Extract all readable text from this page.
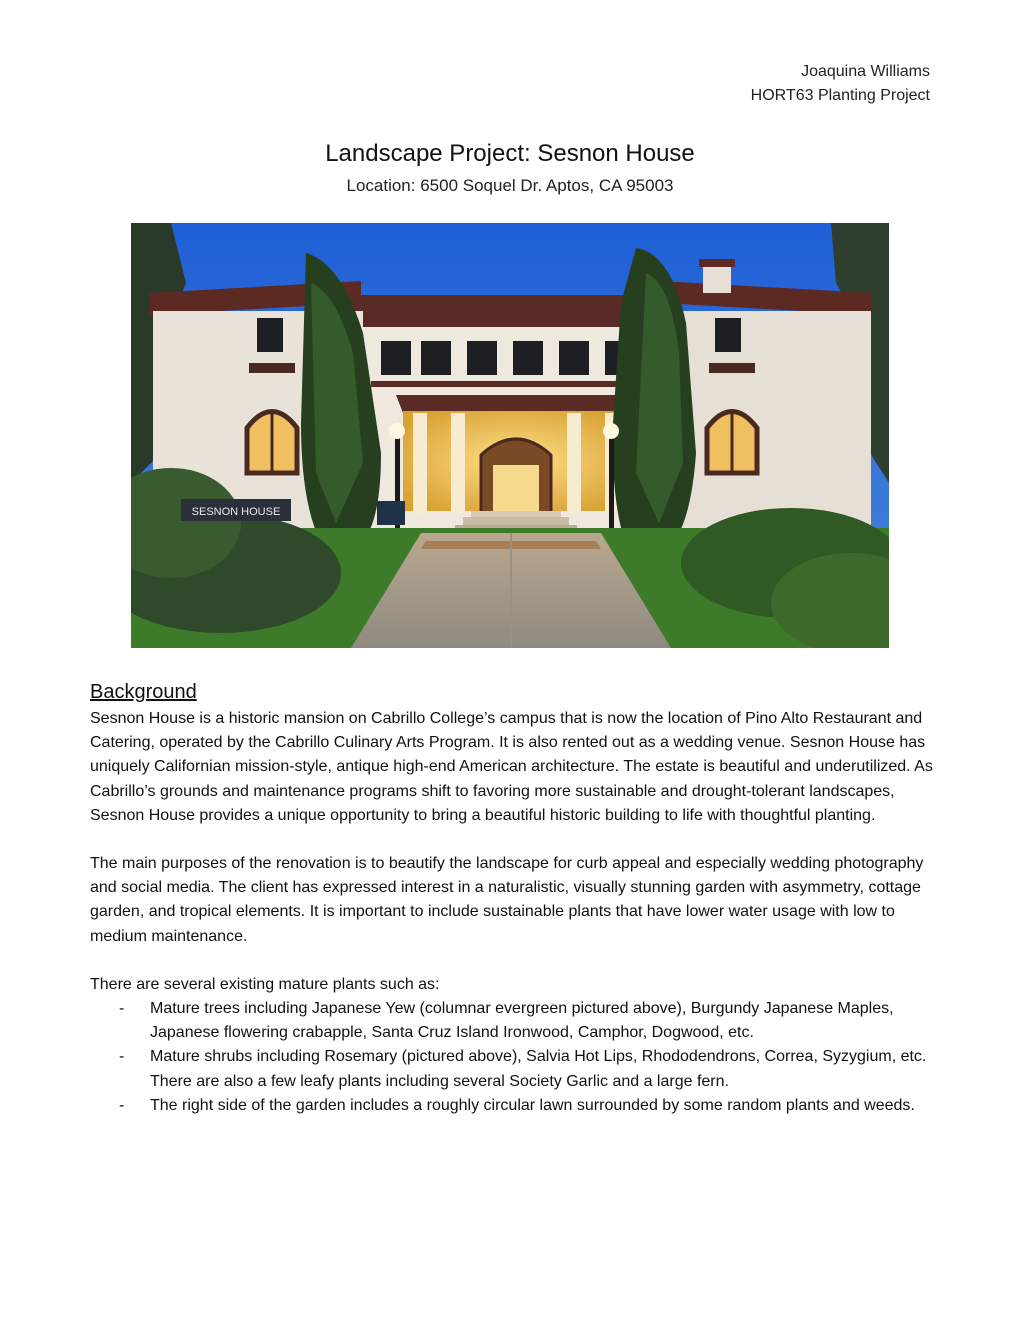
Joaquina Williams
HORT63 Planting Project
Landscape Project: Sesnon House
Location: 6500 Soquel Dr. Aptos, CA 95003
SESNON HOUSE
Background

Sesnon House is a historic mansion on Cabrillo College’s campus that is now the location of Pino Alto Restaurant and Catering, operated by the Cabrillo Culinary Arts Program. It is also rented out as a wedding venue. Sesnon House has uniquely Californian mission-style, antique high-end American architecture. The estate is beautiful and underutilized. As Cabrillo’s grounds and maintenance programs shift to favoring more sustainable and drought-tolerant landscapes, Sesnon House provides a unique opportunity to bring a beautiful historic building to life with thoughtful planting.

The main purposes of the renovation is to beautify the landscape for curb appeal and especially wedding photography and social media. The client has expressed interest in a naturalistic, visually stunning garden with asymmetry, cottage garden, and tropical elements. It is important to include sustainable plants that have lower water usage with low to medium maintenance.

There are several existing mature plants such as:

- Mature trees including Japanese Yew (columnar evergreen pictured above), Burgundy Japanese Maples, Japanese flowering crabapple, Santa Cruz Island Ironwood, Camphor, Dogwood, etc.
- Mature shrubs including Rosemary (pictured above), Salvia Hot Lips, Rhododendrons, Correa, Syzygium, etc. There are also a few leafy plants including several Society Garlic and a large fern.
- The right side of the garden includes a roughly circular lawn surrounded by some random plants and weeds.
